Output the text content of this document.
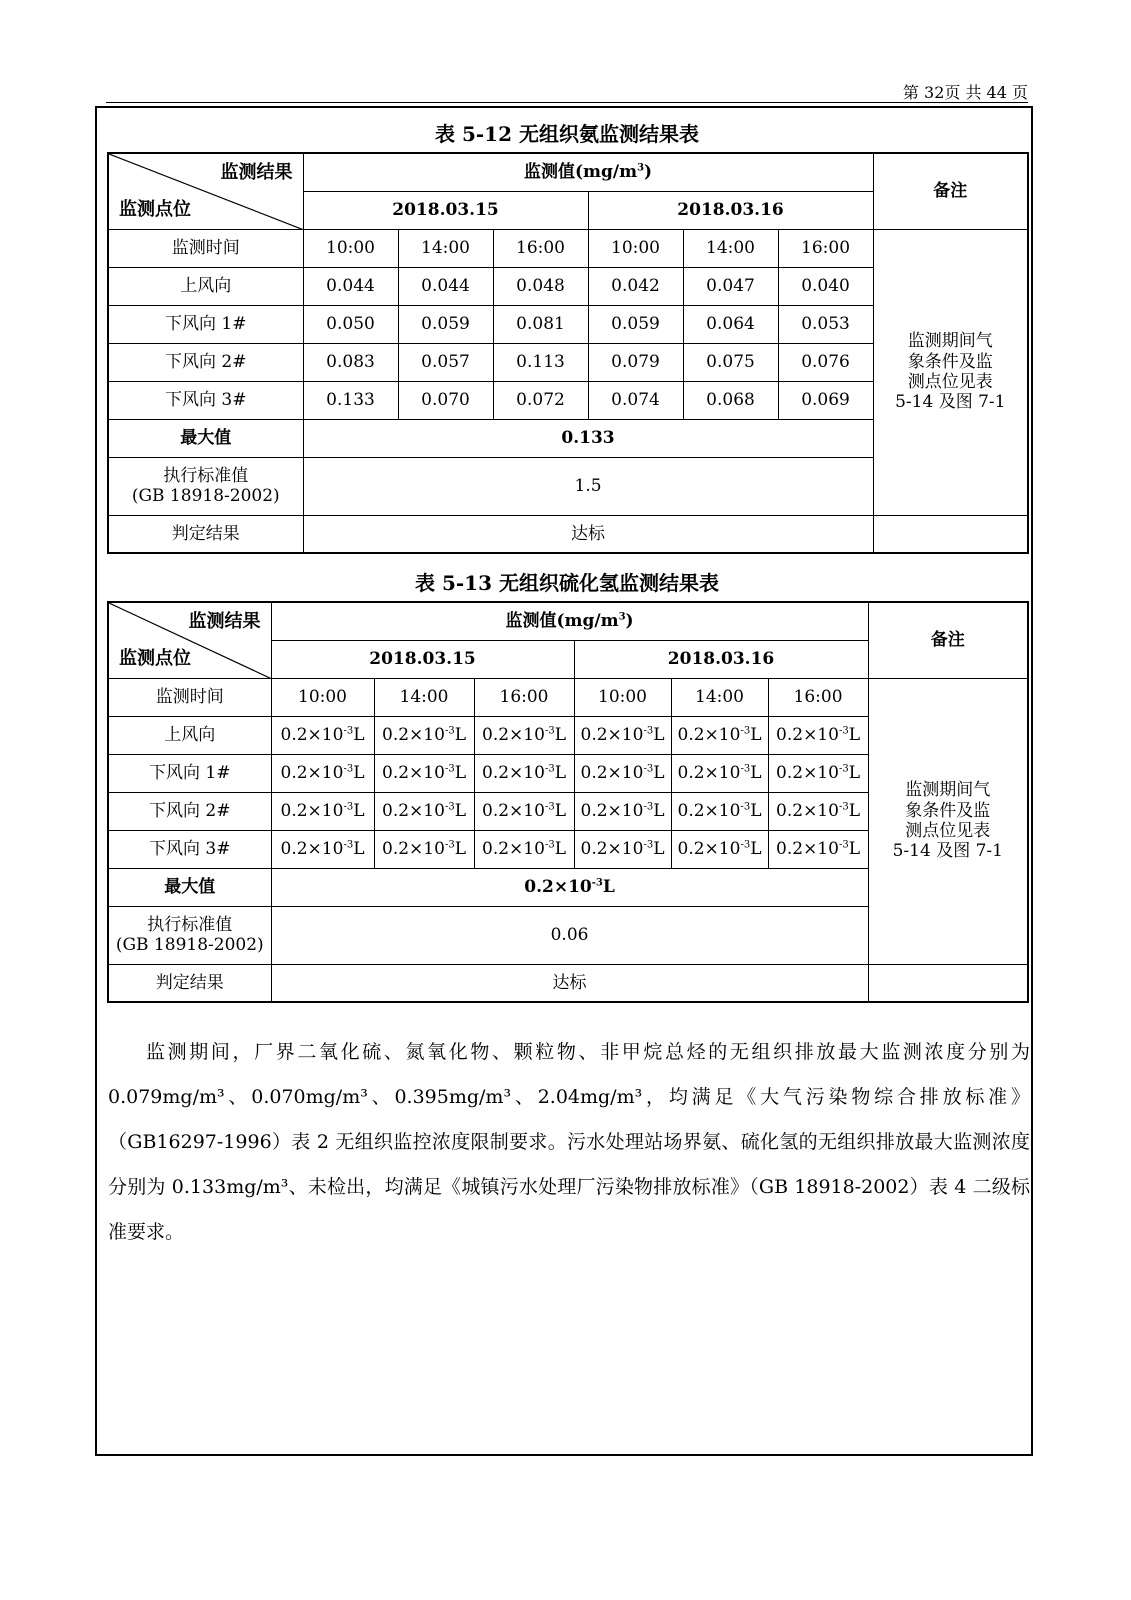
第 32页 共 44 页
表 5-12 无组织氨监测结果表
监测结果
监测点位	监测值$(mg/m^3)$						备注
	2018.03.15			2018.03.16			
监测时间	10:00	14:00	16:00	10:00	14:00	16:00	监测期间气
象条件及监
测点位见表
5-14 及图 7-1

上风向	0.044	0.044	0.048	0.042	0.047	0.040	
下风向 1#	0.050	0.059	0.081	0.059	0.064	0.053	
下风向 2#	0.083	0.057	0.113	0.079	0.075	0.076	
下风向 3#	0.133	0.070	0.072	0.074	0.068	0.069	
最大值	0.133						

执行标准值
(GB 18918-2002)	1.5						
判定结果	达标						
表 5-13 无组织硫化氢监测结果表
监测结果
监测点位	监测值$(mg/m^3)$						备注
	2018.03.15			2018.03.16			
监测时间	10:00	14:00	16:00	10:00	14:00	16:00	监测期间气
象条件及监
测点位见表
5-14 及图 7-1

上风向	$0.2\times 10^{-3}L$	$0.2\times 10^{-3}L$	$0.2\times 10^{-3}L$	$0.2\times 10^{-3}L$	$0.2\times 10^{-3}L$	$0.2\times 10^{-3}L$	
下风向 1#	$0.2\times 10^{-3}L$	$0.2\times 10^{-3}L$	$0.2\times 10^{-3}L$	$0.2\times 10^{-3}L$	$0.2\times 10^{-3}L$	$0.2\times 10^{-3}L$	
下风向 2#	$0.2\times 10^{-3}L$	$0.2\times 10^{-3}L$	$0.2\times 10^{-3}L$	$0.2\times 10^{-3}L$	$0.2\times 10^{-3}L$	$0.2\times 10^{-3}L$	
下风向 3#	$0.2\times 10^{-3}L$	$0.2\times 10^{-3}L$	$0.2\times 10^{-3}L$	$0.2\times 10^{-3}L$	$0.2\times 10^{-3}L$	$0.2\times 10^{-3}L$	
最大值	$0.2\times 10^{-3}L$						

执行标准值
(GB 18918-2002)	0.06						
判定结果	达标						

监测期间，厂界二氧化硫、氮氧化物、颗粒物、非甲烷总烃的无组织排放最大监测浓度分别为 0.079mg/m³、0.070mg/m³、0.395mg/m³、2.04mg/m³，均满足《大气污染物综合排放标准》（GB16297-1996）表 2 无组织监控浓度限制要求。污水处理站场界氨、硫化氢的无组织排放最大监测浓度分别为 0.133mg/m³、未检出，均满足《城镇污水处理厂污染物排放标准》（GB 18918-2002）表 4 二级标准要求。
